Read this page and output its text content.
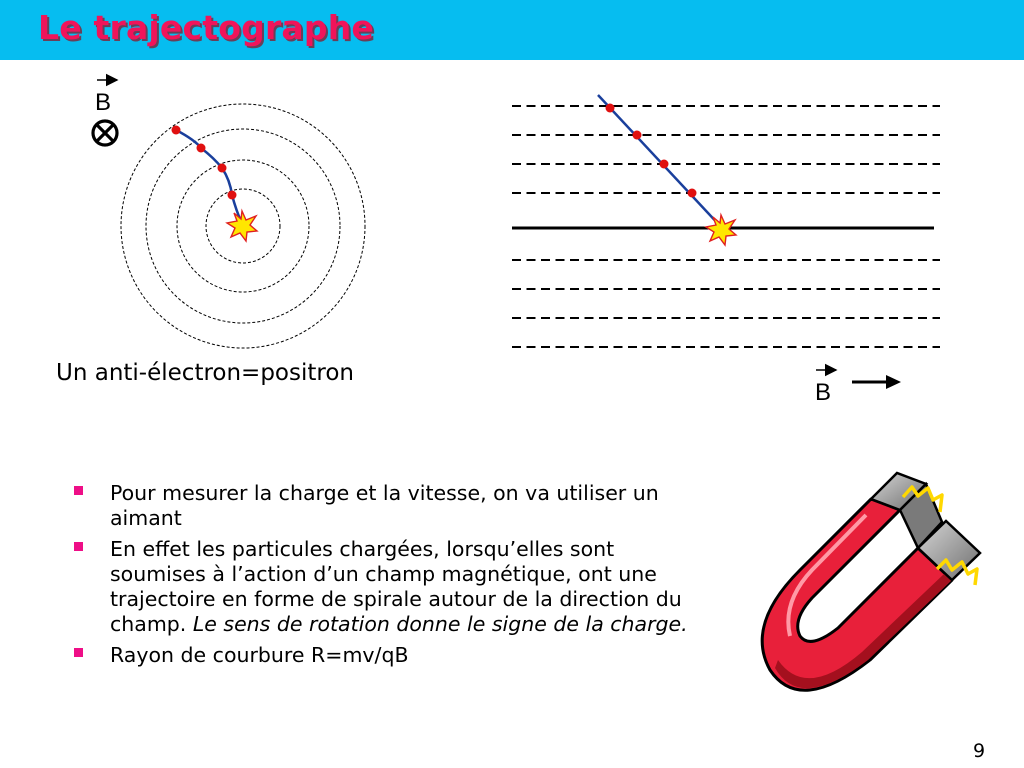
Le trajectographe
B
B
Un anti-électron=positron
Pour mesurer la charge et la vitesse, on va utiliser un aimant
En effet les particules chargées, lorsqu’elles sont soumises à l’action d’un champ magnétique, ont une trajectoire en forme de spirale autour de la direction du champ. Le sens de rotation donne le signe de la charge.
Rayon de courbure R=mv/qB
9
